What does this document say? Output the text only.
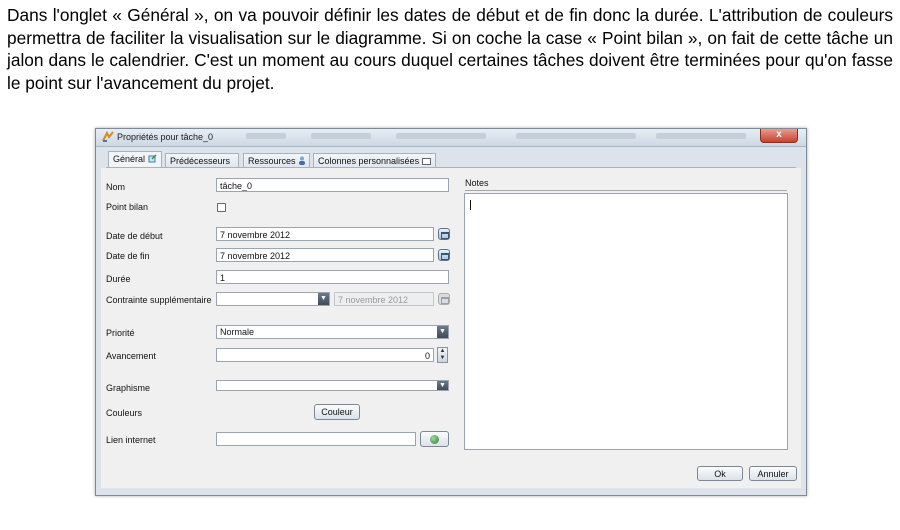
Dans l'onglet « Général », on va pouvoir définir les dates de début et de fin donc la durée. L'attribution de couleurs permettra de faciliter la visualisation sur le diagramme. Si on coche la case « Point bilan », on fait de cette tâche un jalon dans le calendrier. C'est un moment au cours duquel certaines tâches doivent être terminées pour qu'on fasse le point sur l'avancement du projet.
Propriétés pour tâche_0	x
Général	Prédécesseurs	Ressources	Colonnes personnalisées
Nom	tâche_0
Point bilan
Date de début	7 novembre 2012
Date de fin	7 novembre 2012
Durée	1
Contrainte supplémentaire	▼	7 novembre 2012
Priorité	Normale	▼
Avancement	0	▲
▼
Graphisme	▼
Couleurs	Couleur
Lien internet
Notes
Ok	Annuler
